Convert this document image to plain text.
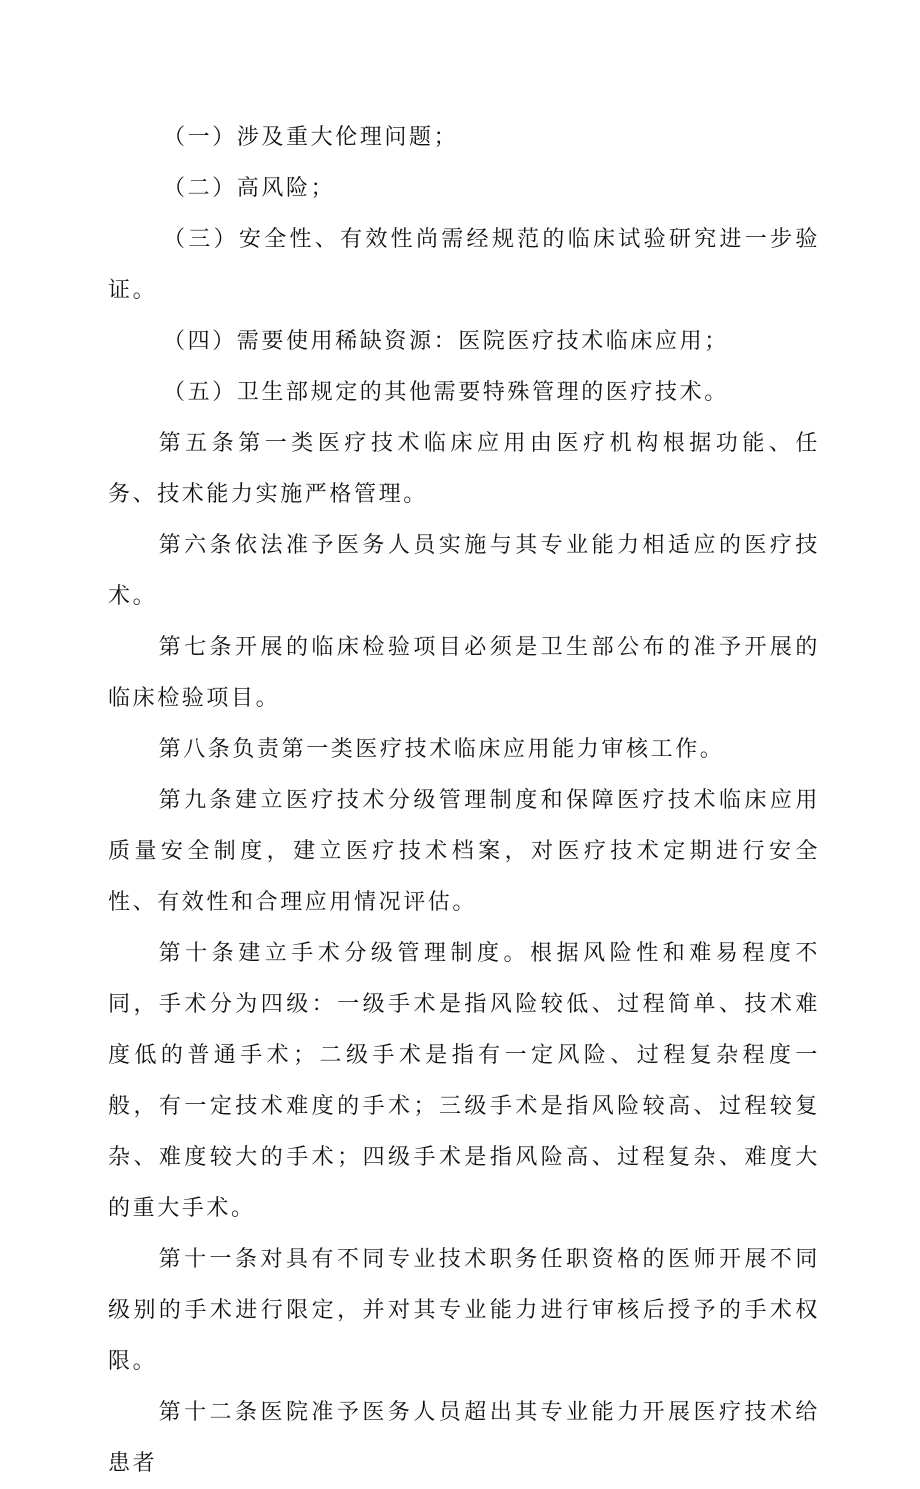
（一）涉及重大伦理问题；

（二）高风险；

（三）安全性、有效性尚需经规范的临床试验研究进一步验证。

（四）需要使用稀缺资源：医院医疗技术临床应用；

（五）卫生部规定的其他需要特殊管理的医疗技术。

第五条第一类医疗技术临床应用由医疗机构根据功能、任务、技术能力实施严格管理。

第六条依法准予医务人员实施与其专业能力相适应的医疗技术。

第七条开展的临床检验项目必须是卫生部公布的准予开展的临床检验项目。

第八条负责第一类医疗技术临床应用能力审核工作。

第九条建立医疗技术分级管理制度和保障医疗技术临床应用质量安全制度，建立医疗技术档案，对医疗技术定期进行安全性、有效性和合理应用情况评估。

第十条建立手术分级管理制度。根据风险性和难易程度不同，手术分为四级：一级手术是指风险较低、过程简单、技术难度低的普通手术；二级手术是指有一定风险、过程复杂程度一般，有一定技术难度的手术；三级手术是指风险较高、过程较复杂、难度较大的手术；四级手术是指风险高、过程复杂、难度大的重大手术。

第十一条对具有不同专业技术职务任职资格的医师开展不同级别的手术进行限定，并对其专业能力进行审核后授予的手术权限。

第十二条医院准予医务人员超出其专业能力开展医疗技术给患者
